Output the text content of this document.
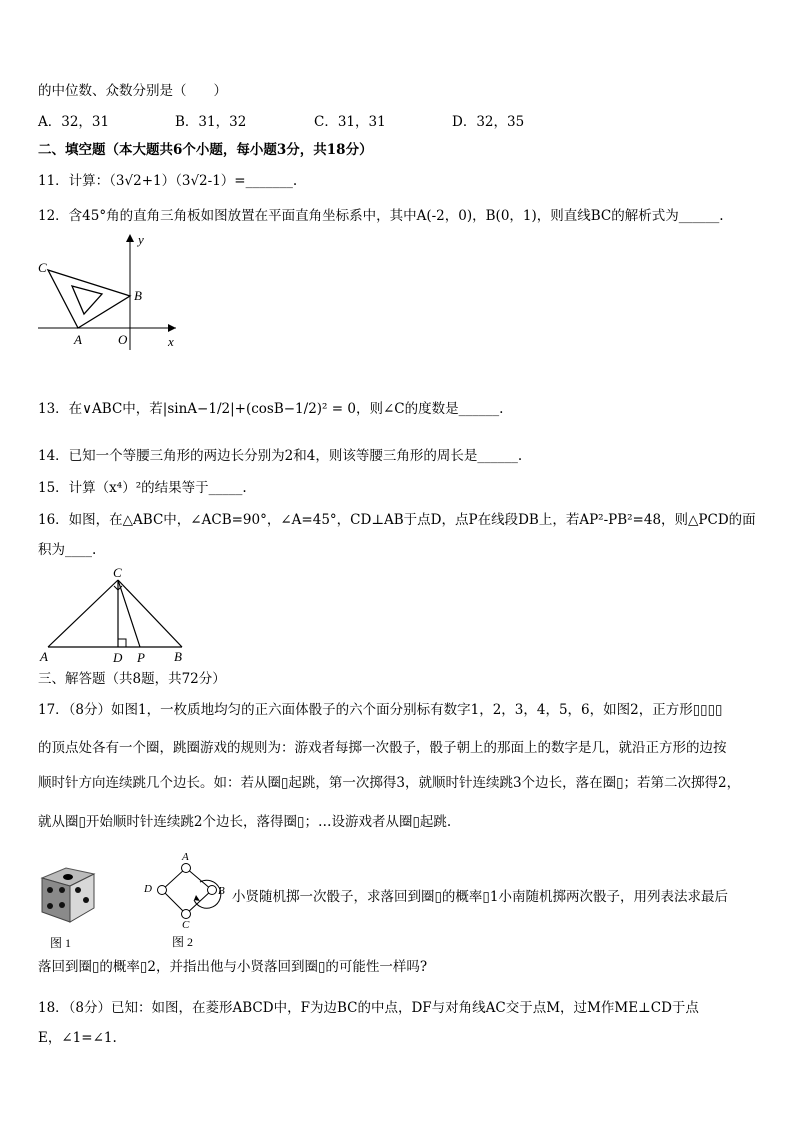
的中位数、众数分别是（　　）
A．32，31	B．31，32	C．31，31	D．32，35
二、填空题（本大题共6个小题，每小题3分，共18分）
11．计算：（3√2+1）（3√2-1）=_______.
12．含45°角的直角三角板如图放置在平面直角坐标系中，其中A(-2，0)，B(0，1)，则直线BC的解析式为______.
y
x
C
B
A	O
13．在∨ABC中，若|sinA−1/2|+(cosB−1/2)² = 0，则∠C的度数是______.
14．已知一个等腰三角形的两边长分别为2和4，则该等腰三角形的周长是______.
15．计算（x⁴）²的结果等于_____.
16．如图，在△ABC中，∠ACB=90°，∠A=45°，CD⊥AB于点D，点P在线段DB上，若AP²-PB²=48，则△PCD的面
积为____.
C
A	D P B
三、解答题（共8题，共72分）
17．（8分）如图1，一枚质地均匀的正六面体骰子的六个面分别标有数字1，2，3，4，5，6，如图2，正方形▯▯▯▯
的顶点处各有一个圈，跳圈游戏的规则为：游戏者每掷一次骰子，骰子朝上的那面上的数字是几，就沿正方形的边按
顺时针方向连续跳几个边长。如：若从圈▯起跳，第一次掷得3，就顺时针连续跳3个边长，落在圈▯；若第二次掷得2，
就从圈▯开始顺时针连续跳2个边长，落得圈▯；…设游戏者从圈▯起跳.
图 1
A
B
C
D
图 2
小贤随机掷一次骰子，求落回到圈▯的概率▯1小南随机掷两次骰子，用列表法求最后
落回到圈▯的概率▯2，并指出他与小贤落回到圈▯的可能性一样吗?
18．（8分）已知：如图，在菱形ABCD中，F为边BC的中点，DF与对角线AC交于点M，过M作ME⊥CD于点
E，∠1=∠1.
